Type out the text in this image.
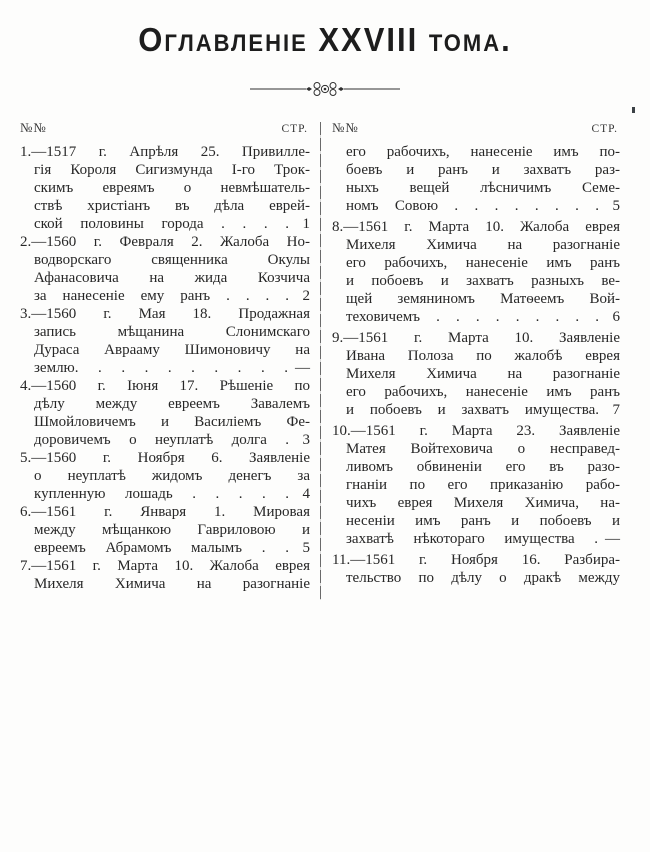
Оглавленіе XXVIII тома.
№№	СТР.
1.—1517 г. Апрѣля 25. Привилле-
гія Короля Сигизмунда I-го Трок-
скимъ евреямъ о невмѣшатель-
ствѣ христіанъ въ дѣла еврей-
ской половины города . . . . 1
2.—1560 г. Февраля 2. Жалоба Но-
водворскаго священника Окулы
Афанасовича на жида Козчича
за нанесеніе ему ранъ . . . . 2
3.—1560 г. Мая 18. Продажная
запись мѣщанина Слонимскаго
Дураса Аврааму Шимоновичу на
землю. . . . . . . . . . —
4.—1560 г. Іюня 17. Рѣшеніе по
дѣлу между евреемъ Завалемъ
Шмойловичемъ и Василіемъ Фе-
доровичемъ о неуплатѣ долга . 3
5.—1560 г. Ноября 6. Заявленіе
о неуплатѣ жидомъ денегъ за
купленную лошадь . . . . . 4
6.—1561 г. Января 1. Мировая
между мѣщанкою Гавриловою и
евреемъ Абрамомъ малымъ . . 5
7.—1561 г. Марта 10. Жалоба еврея
Михеля Химича на разогнаніе
№№	СТР.
его рабочихъ, нанесеніе имъ по-
боевъ и ранъ и захватъ раз-
ныхъ вещей лѣсничимъ Семе-
номъ Совою . . . . . . . . 5
8.—1561 г. Марта 10. Жалоба еврея
Михеля Химича на разогнаніе
его рабочихъ, нанесеніе имъ ранъ
и побоевъ и захватъ разныхъ ве-
щей земяниномъ Матѳеемъ Вой-
теховичемъ . . . . . . . . . 6
9.—1561 г. Марта 10. Заявленіе
Ивана Полоза по жалобѣ еврея
Михеля Химича на разогнаніе
его рабочихъ, нанесеніе имъ ранъ
и побоевъ и захватъ имущества. 7
10.—1561 г. Марта 23. Заявленіе
Матея Войтеховича о несправед-
ливомъ обвиненіи его въ разо-
гнаніи по его приказанію рабо-
чихъ еврея Михеля Химича, на-
несеніи имъ ранъ и побоевъ и
захватѣ нѣкотораго имущества . —
11.—1561 г. Ноября 16. Разбира-
тельство по дѣлу о дракѣ между
